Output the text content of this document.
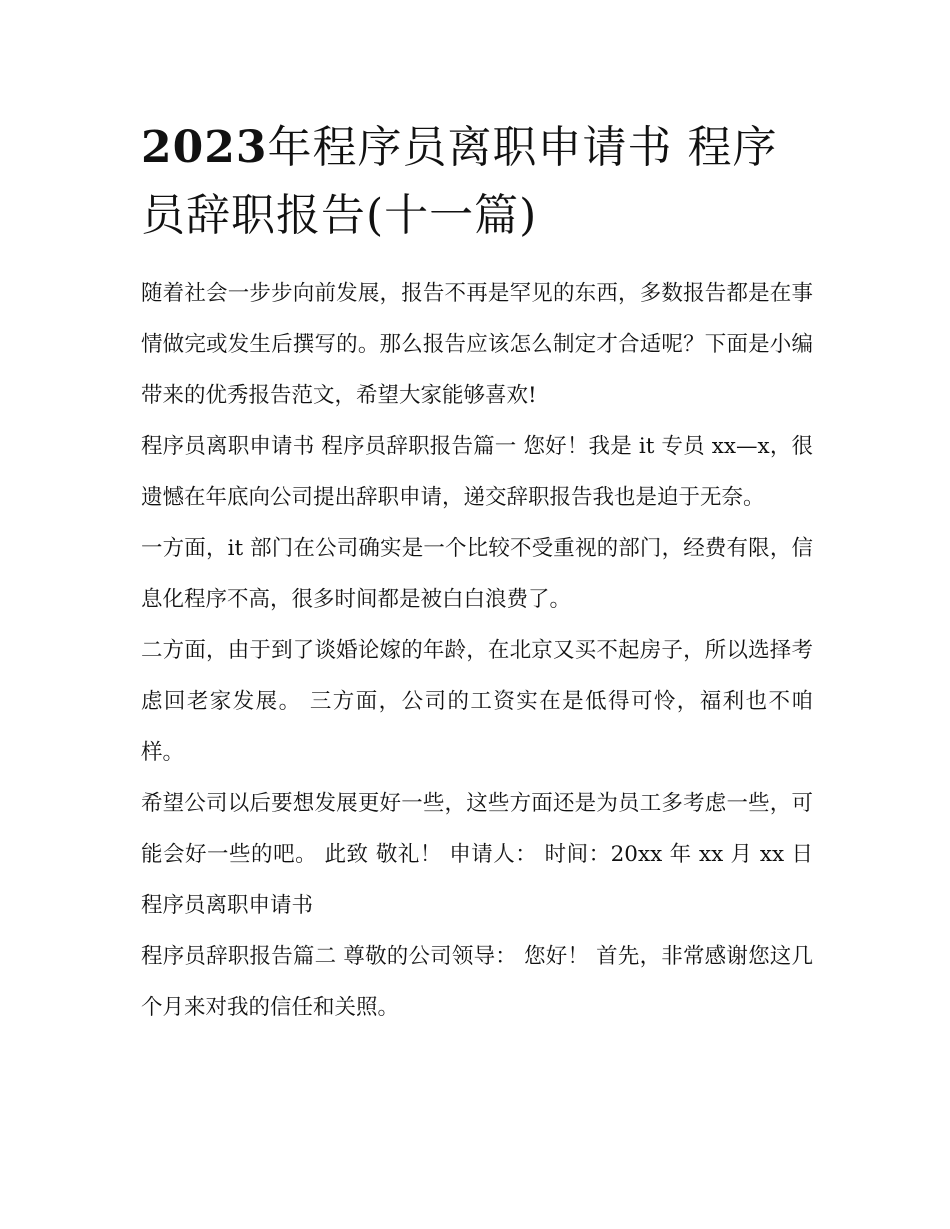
2023年程序员离职申请书 程序员辞职报告(十一篇)

随着社会一步步向前发展，报告不再是罕见的东西，多数报告都是在事情做完或发生后撰写的。那么报告应该怎么制定才合适呢？下面是小编带来的优秀报告范文，希望大家能够喜欢!

程序员离职申请书 程序员辞职报告篇一 您好！我是 it 专员 xx—x，很遗憾在年底向公司提出辞职申请，递交辞职报告我也是迫于无奈。

一方面，it 部门在公司确实是一个比较不受重视的部门，经费有限，信息化程序不高，很多时间都是被白白浪费了。

二方面，由于到了谈婚论嫁的年龄，在北京又买不起房子，所以选择考虑回老家发展。 三方面，公司的工资实在是低得可怜，福利也不咱样。

希望公司以后要想发展更好一些，这些方面还是为员工多考虑一些，可能会好一些的吧。 此致 敬礼！ 申请人： 时间：20xx 年 xx 月 xx 日 程序员离职申请书

程序员辞职报告篇二 尊敬的公司领导： 您好！ 首先，非常感谢您这几个月来对我的信任和关照。
